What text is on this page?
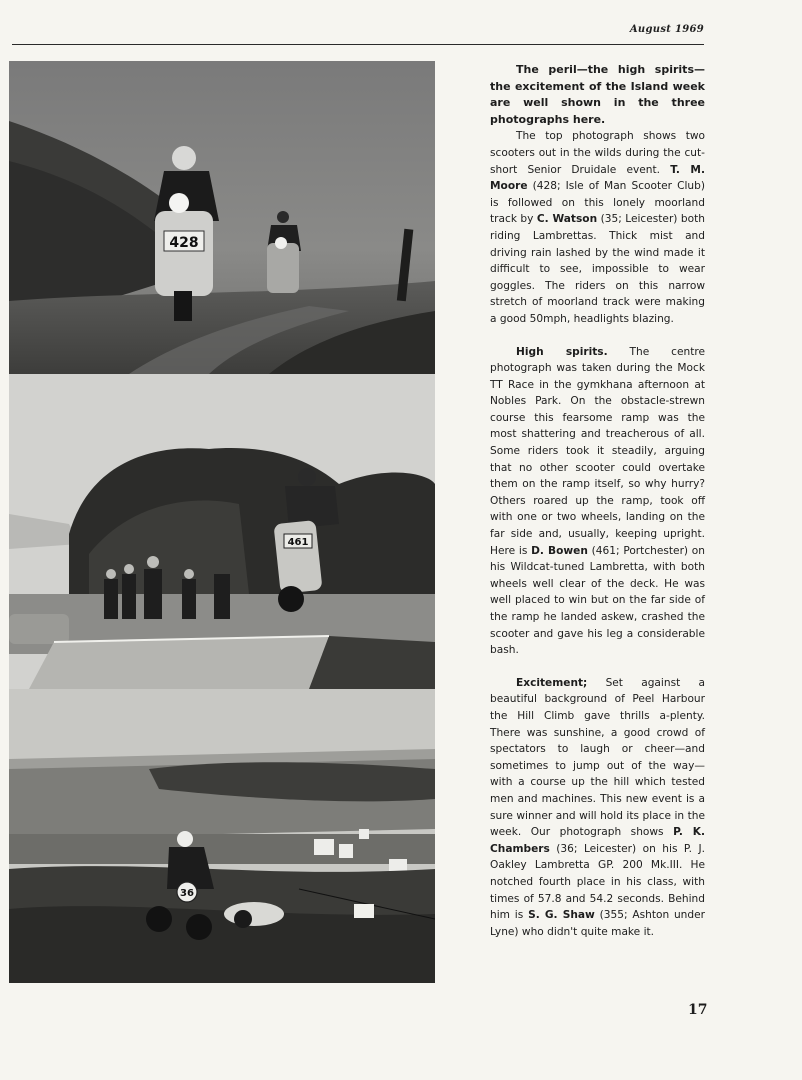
August 1969
428
461
36

The peril—the high spirits—the excitement of the Island week are well shown in the three photographs here.

The top photograph shows two scooters out in the wilds during the cut-short Senior Druidale event. T. M. Moore (428; Isle of Man Scooter Club) is followed on this lonely moorland track by C. Watson (35; Leicester) both riding Lambrettas. Thick mist and driving rain lashed by the wind made it difficult to see, impossible to wear goggles. The riders on this narrow stretch of moorland track were making a good 50mph, headlights blazing.

High spirits. The centre photograph was taken during the Mock TT Race in the gymkhana afternoon at Nobles Park. On the obstacle-strewn course this fearsome ramp was the most shattering and treacherous of all. Some riders took it steadily, arguing that no other scooter could overtake them on the ramp itself, so why hurry? Others roared up the ramp, took off with one or two wheels, landing on the far side and, usually, keeping upright. Here is D. Bowen (461; Portchester) on his Wildcat-tuned Lambretta, with both wheels well clear of the deck. He was well placed to win but on the far side of the ramp he landed askew, crashed the scooter and gave his leg a considerable bash.

Excitement; Set against a beautiful background of Peel Harbour the Hill Climb gave thrills a-plenty. There was sunshine, a good crowd of spectators to laugh or cheer—and sometimes to jump out of the way—with a course up the hill which tested men and machines. This new event is a sure winner and will hold its place in the week. Our photograph shows P. K. Chambers (36; Leicester) on his P. J. Oakley Lambretta GP. 200 Mk.III. He notched fourth place in his class, with times of 57.8 and 54.2 seconds. Behind him is S. G. Shaw (355; Ashton under Lyne) who didn't quite make it.

17
